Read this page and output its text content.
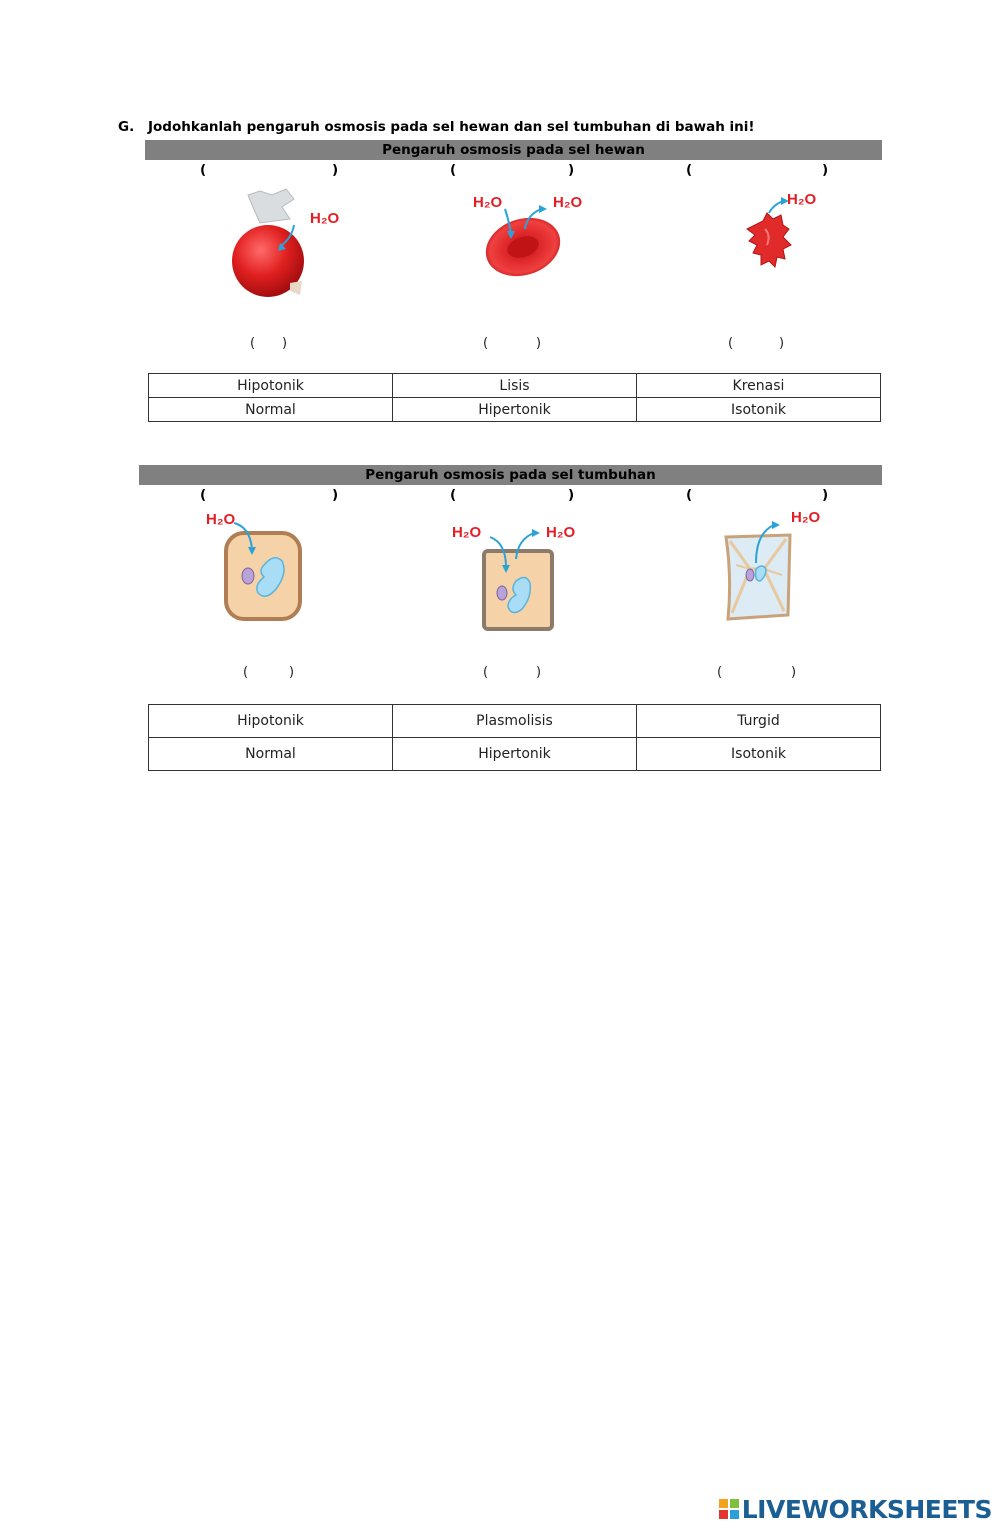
G. Jodohkanlah pengaruh osmosis pada sel hewan dan sel tumbuhan di bawah ini!
Pengaruh osmosis pada sel hewan
(	)	(	)	(	)
H₂O
H₂O	H₂O	H₂O
( )	(	)	(	)
Hipotonik	Lisis	Krenasi
Normal	Hipertonik	Isotonik
Pengaruh osmosis pada sel tumbuhan
(	)	(	)	(	)
H₂O
H₂O	H₂O
H₂O
(	)	(	)	(	)
Hipotonik	Plasmolisis	Turgid
Normal	Hipertonik	Isotonik
LIVEWORKSHEETS
